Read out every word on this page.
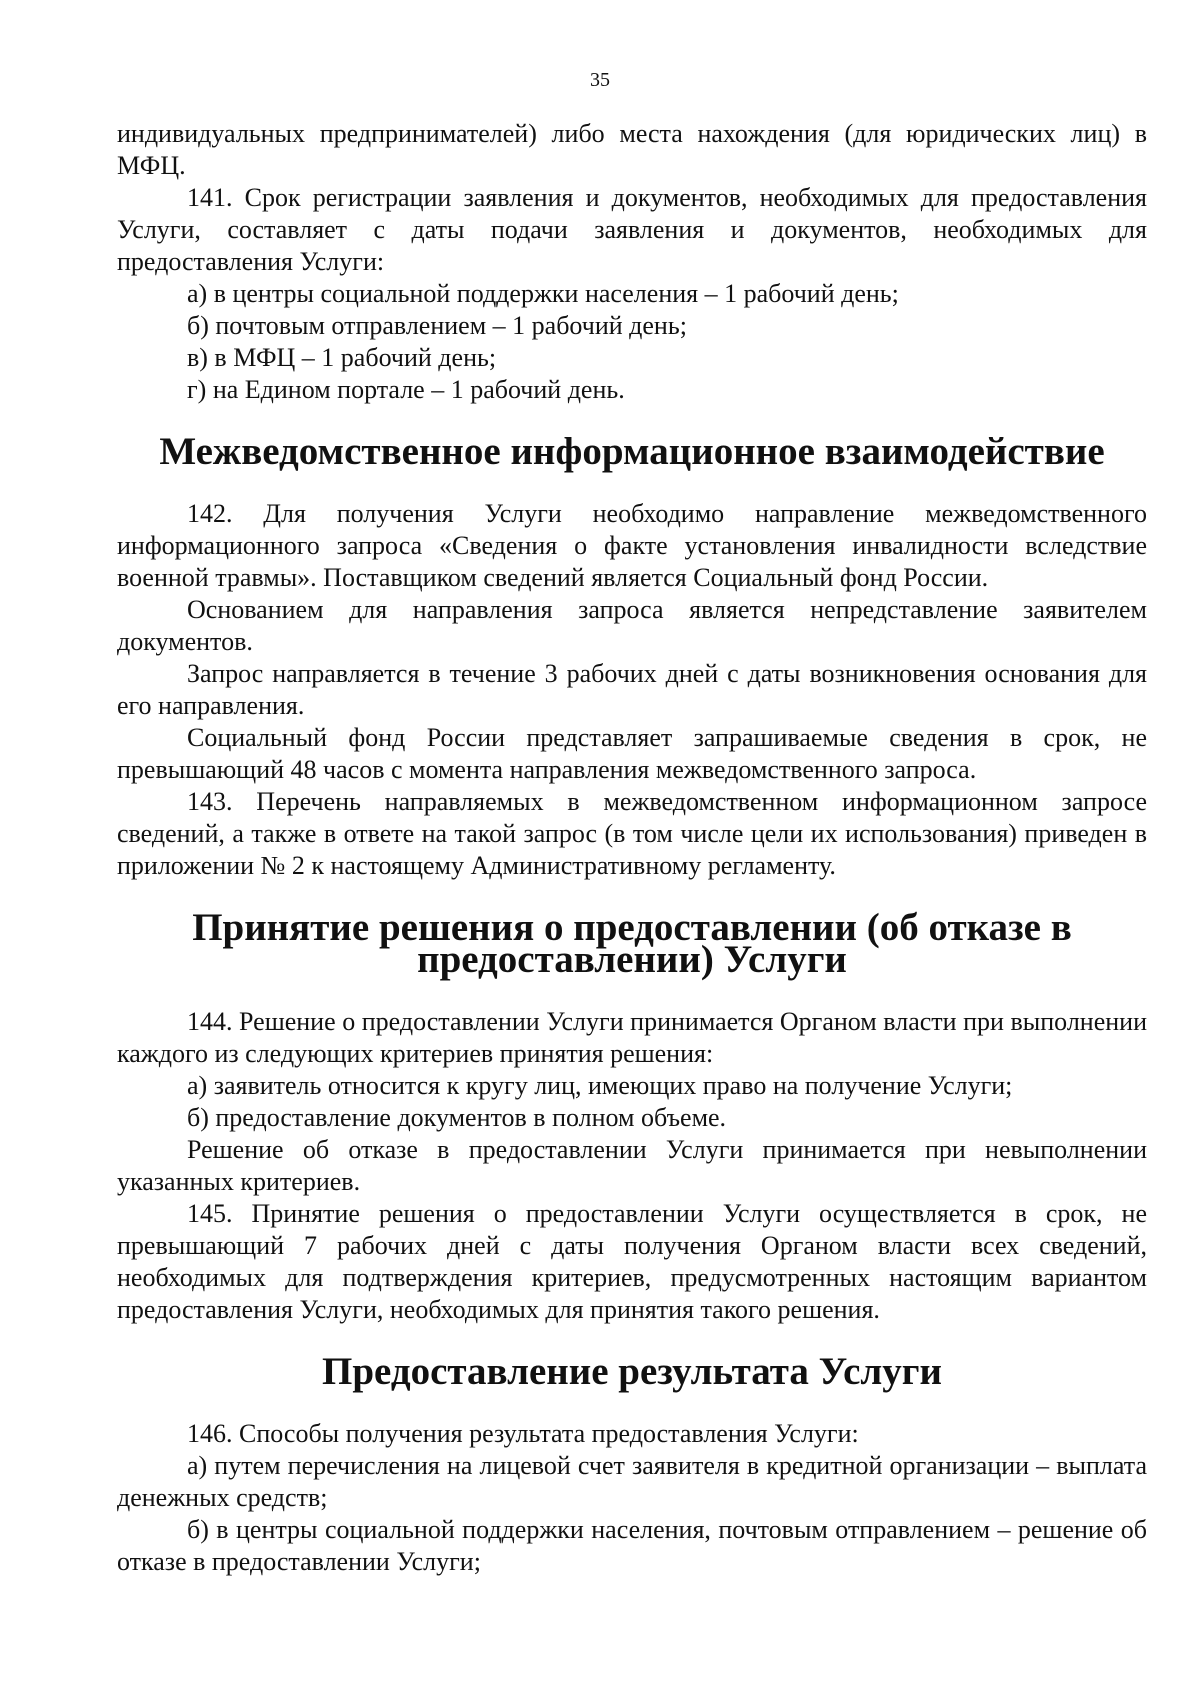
35

индивидуальных предпринимателей) либо места нахождения (для юридических лиц) в МФЦ.

141. Срок регистрации заявления и документов, необходимых для предоставления Услуги, составляет с даты подачи заявления и документов, необходимых для предоставления Услуги:

а) в центры социальной поддержки населения – 1 рабочий день;

б) почтовым отправлением – 1 рабочий день;

в) в МФЦ – 1 рабочий день;

г) на Едином портале – 1 рабочий день.

Межведомственное информационное взаимодействие

142. Для получения Услуги необходимо направление межведомственного информационного запроса «Сведения о факте установления инвалидности вследствие военной травмы». Поставщиком сведений является Социальный фонд России.

Основанием для направления запроса является непредставление заявителем документов.

Запрос направляется в течение 3 рабочих дней с даты возникновения основания для его направления.

Социальный фонд России представляет запрашиваемые сведения в срок, не превышающий 48 часов с момента направления межведомственного запроса.

143. Перечень направляемых в межведомственном информационном запросе сведений, а также в ответе на такой запрос (в том числе цели их использования) приведен в приложении № 2 к настоящему Административному регламенту.

Принятие решения о предоставлении (об отказе в предоставлении) Услуги

144. Решение о предоставлении Услуги принимается Органом власти при выполнении каждого из следующих критериев принятия решения:

а) заявитель относится к кругу лиц, имеющих право на получение Услуги;

б) предоставление документов в полном объеме.

Решение об отказе в предоставлении Услуги принимается при невыполнении указанных критериев.

145. Принятие решения о предоставлении Услуги осуществляется в срок, не превышающий 7 рабочих дней с даты получения Органом власти всех сведений, необходимых для подтверждения критериев, предусмотренных настоящим вариантом предоставления Услуги, необходимых для принятия такого решения.

Предоставление результата Услуги

146. Способы получения результата предоставления Услуги:

а) путем перечисления на лицевой счет заявителя в кредитной организации – выплата денежных средств;

б) в центры социальной поддержки населения, почтовым отправлением – решение об отказе в предоставлении Услуги;
